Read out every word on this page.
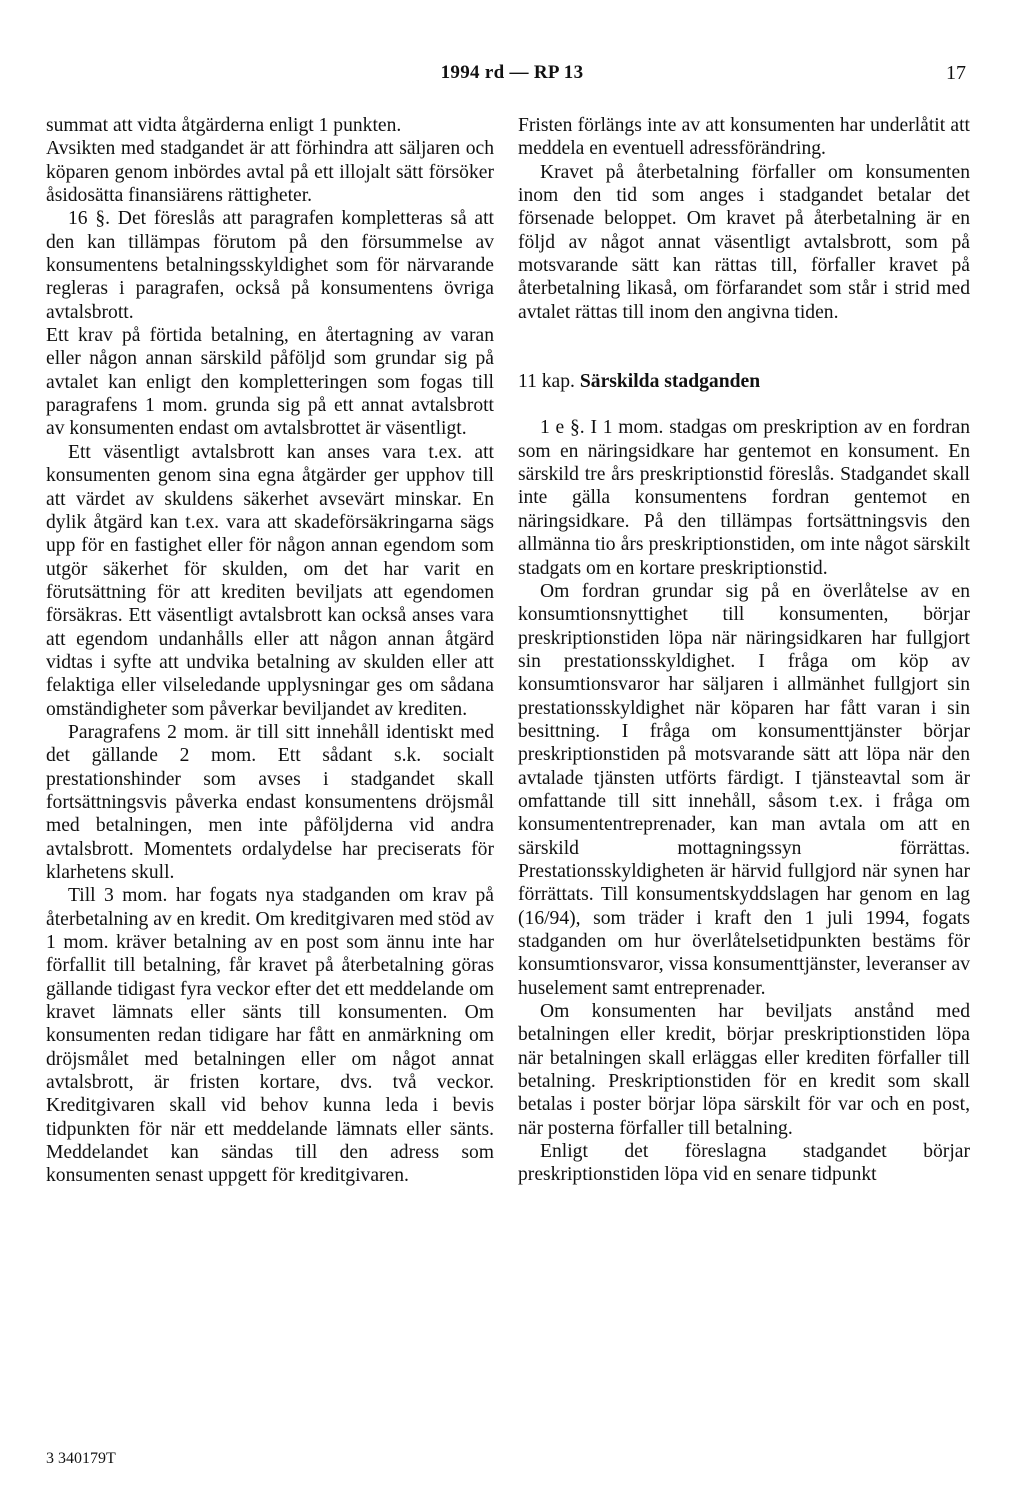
1994 rd — RP 13	17

summat att vidta åtgärderna enligt 1 punkten.

Avsikten med stadgandet är att förhindra att säljaren och köparen genom inbördes avtal på ett illojalt sätt försöker åsidosätta finansiärens rättigheter.

16 §. Det föreslås att paragrafen kompletteras så att den kan tillämpas förutom på den försummelse av konsumentens betalningsskyldighet som för närvarande regleras i paragrafen, också på konsumentens övriga avtalsbrott.

Ett krav på förtida betalning, en återtagning av varan eller någon annan särskild påföljd som grundar sig på avtalet kan enligt den kompletteringen som fogas till paragrafens 1 mom. grunda sig på ett annat avtalsbrott av konsumenten endast om avtalsbrottet är väsentligt.

Ett väsentligt avtalsbrott kan anses vara t.ex. att konsumenten genom sina egna åtgärder ger upphov till att värdet av skuldens säkerhet avsevärt minskar. En dylik åtgärd kan t.ex. vara att skadeförsäkringarna sägs upp för en fastighet eller för någon annan egendom som utgör säkerhet för skulden, om det har varit en förutsättning för att krediten beviljats att egendomen försäkras. Ett väsentligt avtalsbrott kan också anses vara att egendom undanhålls eller att någon annan åtgärd vidtas i syfte att undvika betalning av skulden eller att felaktiga eller vilseledande upplysningar ges om sådana omständigheter som påverkar beviljandet av krediten.

Paragrafens 2 mom. är till sitt innehåll identiskt med det gällande 2 mom. Ett sådant s.k. socialt prestationshinder som avses i stadgandet skall fortsättningsvis påverka endast konsumentens dröjsmål med betalningen, men inte påföljderna vid andra avtalsbrott. Momentets ordalydelse har preciserats för klarhetens skull.

Till 3 mom. har fogats nya stadganden om krav på återbetalning av en kredit. Om kreditgivaren med stöd av 1 mom. kräver betalning av en post som ännu inte har förfallit till betalning, får kravet på återbetalning göras gällande tidigast fyra veckor efter det ett meddelande om kravet lämnats eller sänts till konsumenten. Om konsumenten redan tidigare har fått en anmärkning om dröjsmålet med betalningen eller om något annat avtalsbrott, är fristen kortare, dvs. två veckor. Kreditgivaren skall vid behov kunna leda i bevis tidpunkten för när ett meddelande lämnats eller sänts. Meddelandet kan sändas till den adress som konsumenten senast uppgett för kreditgivaren.

Fristen förlängs inte av att konsumenten har underlåtit att meddela en eventuell adressförändring.

Kravet på återbetalning förfaller om konsumenten inom den tid som anges i stadgandet betalar det försenade beloppet. Om kravet på återbetalning är en följd av något annat väsentligt avtalsbrott, som på motsvarande sätt kan rättas till, förfaller kravet på återbetalning likaså, om förfarandet som står i strid med avtalet rättas till inom den angivna tiden.

11 kap. Särskilda stadganden

1 e §. I 1 mom. stadgas om preskription av en fordran som en näringsidkare har gentemot en konsument. En särskild tre års preskriptionstid föreslås. Stadgandet skall inte gälla konsumentens fordran gentemot en näringsidkare. På den tillämpas fortsättningsvis den allmänna tio års preskriptionstiden, om inte något särskilt stadgats om en kortare preskriptionstid.

Om fordran grundar sig på en överlåtelse av en konsumtionsnyttighet till konsumenten, börjar preskriptionstiden löpa när näringsidkaren har fullgjort sin prestationsskyldighet. I fråga om köp av konsumtionsvaror har säljaren i allmänhet fullgjort sin prestationsskyldighet när köparen har fått varan i sin besittning. I fråga om konsumenttjänster börjar preskriptionstiden på motsvarande sätt att löpa när den avtalade tjänsten utförts färdigt. I tjänsteavtal som är omfattande till sitt innehåll, såsom t.ex. i fråga om konsumententreprenader, kan man avtala om att en särskild mottagningssyn förrättas. Prestationsskyldigheten är härvid fullgjord när synen har förrättats. Till konsumentskyddslagen har genom en lag (16/94), som träder i kraft den 1 juli 1994, fogats stadganden om hur överlåtelsetidpunkten bestäms för konsumtionsvaror, vissa konsumenttjänster, leveranser av huselement samt entreprenader.

Om konsumenten har beviljats anstånd med betalningen eller kredit, börjar preskriptionstiden löpa när betalningen skall erläggas eller krediten förfaller till betalning. Preskriptionstiden för en kredit som skall betalas i poster börjar löpa särskilt för var och en post, när posterna förfaller till betalning.

Enligt det föreslagna stadgandet börjar preskriptionstiden löpa vid en senare tidpunkt

3 340179T
